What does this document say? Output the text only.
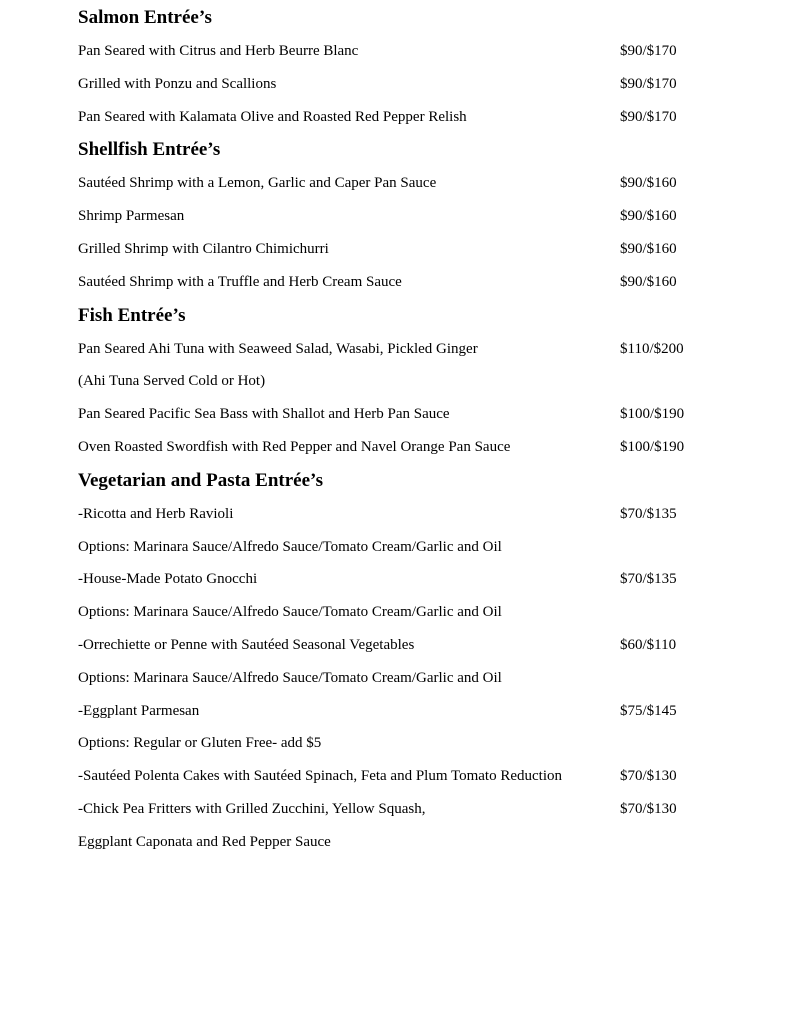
Salmon Entrée’s
Pan Seared with Citrus and Herb Beurre Blanc	$90/$170
Grilled with Ponzu and Scallions	$90/$170
Pan Seared with Kalamata Olive and Roasted Red Pepper Relish	$90/$170
Shellfish Entrée’s
Sautéed Shrimp with a Lemon, Garlic and Caper Pan Sauce	$90/$160
Shrimp Parmesan	$90/$160
Grilled Shrimp with Cilantro Chimichurri	$90/$160
Sautéed Shrimp with a Truffle and Herb Cream Sauce	$90/$160
Fish Entrée’s
Pan Seared Ahi Tuna with Seaweed Salad, Wasabi, Pickled Ginger	$110/$200
(Ahi Tuna Served Cold or Hot)
Pan Seared Pacific Sea Bass with Shallot and Herb Pan Sauce	$100/$190
Oven Roasted Swordfish with Red Pepper and Navel Orange Pan Sauce	$100/$190
Vegetarian and Pasta Entrée’s
-Ricotta and Herb Ravioli	$70/$135
Options: Marinara Sauce/Alfredo Sauce/Tomato Cream/Garlic and Oil
-House-Made Potato Gnocchi	$70/$135
Options: Marinara Sauce/Alfredo Sauce/Tomato Cream/Garlic and Oil
-Orrechiette or Penne with Sautéed Seasonal Vegetables	$60/$110
Options: Marinara Sauce/Alfredo Sauce/Tomato Cream/Garlic and Oil
-Eggplant Parmesan	$75/$145
Options: Regular or Gluten Free- add $5
-Sautéed Polenta Cakes with Sautéed Spinach, Feta and Plum Tomato Reduction	$70/$130
-Chick Pea Fritters with Grilled Zucchini, Yellow Squash,	$70/$130
Eggplant Caponata and Red Pepper Sauce
